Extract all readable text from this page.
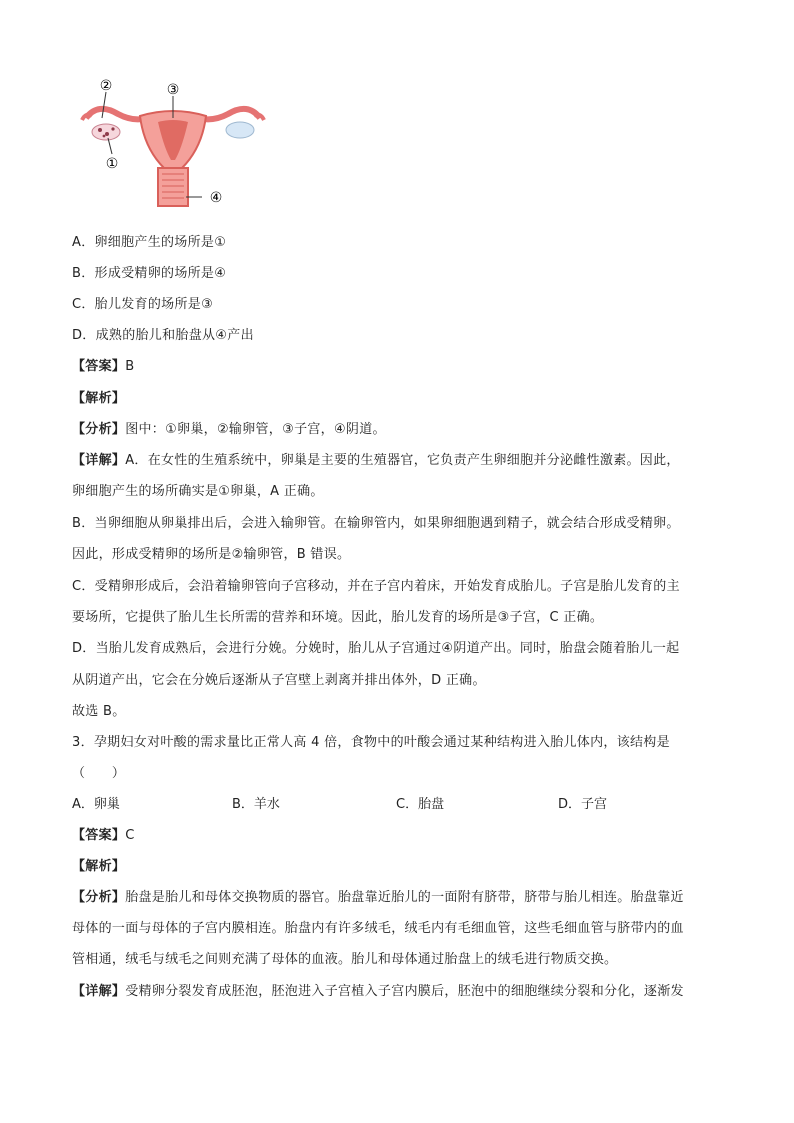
②	③
①
④
A．卵细胞产生的场所是①
B．形成受精卵的场所是④
C．胎儿发育的场所是③
D．成熟的胎儿和胎盘从④产出
【答案】B
【解析】
【分析】图中：①卵巢，②输卵管，③子宫，④阴道。
【详解】A．在女性的生殖系统中，卵巢是主要的生殖器官，它负责产生卵细胞并分泌雌性激素。因此，
卵细胞产生的场所确实是①卵巢，A 正确。
B．当卵细胞从卵巢排出后，会进入输卵管。在输卵管内，如果卵细胞遇到精子，就会结合形成受精卵。
因此，形成受精卵的场所是②输卵管，B 错误。
C．受精卵形成后，会沿着输卵管向子宫移动，并在子宫内着床，开始发育成胎儿。子宫是胎儿发育的主
要场所，它提供了胎儿生长所需的营养和环境。因此，胎儿发育的场所是③子宫，C 正确。
D．当胎儿发育成熟后，会进行分娩。分娩时，胎儿从子宫通过④阴道产出。同时，胎盘会随着胎儿一起
从阴道产出，它会在分娩后逐渐从子宫壁上剥离并排出体外，D 正确。
故选 B。
3．孕期妇女对叶酸的需求量比正常人高 4 倍，食物中的叶酸会通过某种结构进入胎儿体内，该结构是
（　　）
A．卵巢	B．羊水	C．胎盘	D．子宫
【答案】C
【解析】
【分析】胎盘是胎儿和母体交换物质的器官。胎盘靠近胎儿的一面附有脐带，脐带与胎儿相连。胎盘靠近
母体的一面与母体的子宫内膜相连。胎盘内有许多绒毛，绒毛内有毛细血管，这些毛细血管与脐带内的血
管相通，绒毛与绒毛之间则充满了母体的血液。胎儿和母体通过胎盘上的绒毛进行物质交换。
【详解】受精卵分裂发育成胚泡，胚泡进入子宫植入子宫内膜后，胚泡中的细胞继续分裂和分化，逐渐发
